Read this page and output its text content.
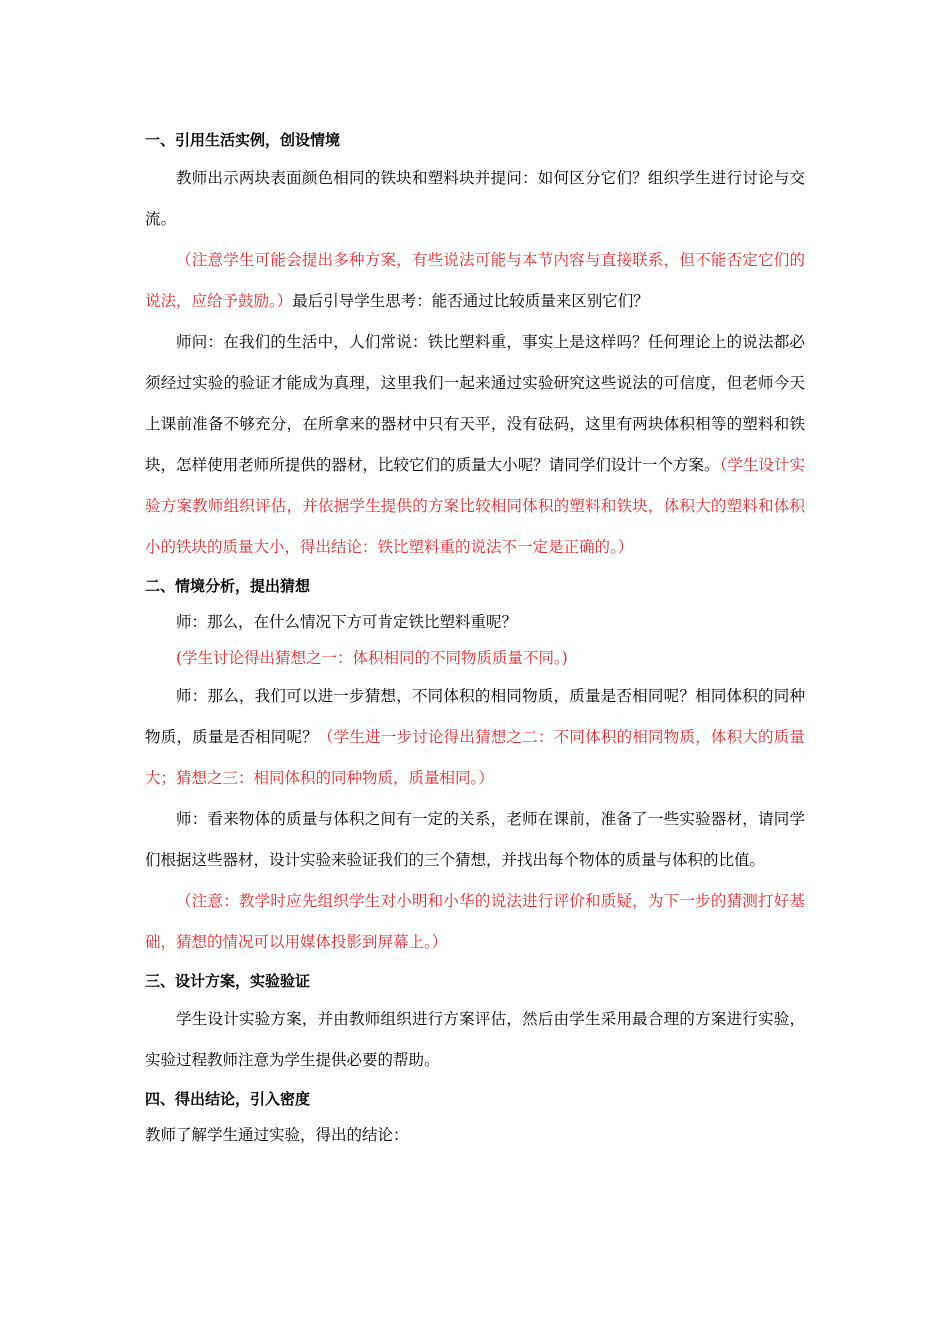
一、引用生活实例，创设情境

教师出示两块表面颜色相同的铁块和塑料块并提问：如何区分它们？组织学生进行讨论与交流。

（注意学生可能会提出多种方案，有些说法可能与本节内容与直接联系，但不能否定它们的说法，应给予鼓励。）最后引导学生思考：能否通过比较质量来区别它们？

师问：在我们的生活中，人们常说：铁比塑料重，事实上是这样吗？任何理论上的说法都必须经过实验的验证才能成为真理，这里我们一起来通过实验研究这些说法的可信度，但老师今天上课前准备不够充分，在所拿来的器材中只有天平，没有砝码，这里有两块体积相等的塑料和铁块，怎样使用老师所提供的器材，比较它们的质量大小呢？请同学们设计一个方案。（学生设计实验方案教师组织评估，并依据学生提供的方案比较相同体积的塑料和铁块，体积大的塑料和体积小的铁块的质量大小，得出结论：铁比塑料重的说法不一定是正确的。）

二、情境分析，提出猜想

师：那么，在什么情况下方可肯定铁比塑料重呢？

(学生讨论得出猜想之一：体积相同的不同物质质量不同。)

师：那么，我们可以进一步猜想，不同体积的相同物质，质量是否相同呢？相同体积的同种物质，质量是否相同呢？（学生进一步讨论得出猜想之二：不同体积的相同物质，体积大的质量大；猜想之三：相同体积的同种物质，质量相同。）

师：看来物体的质量与体积之间有一定的关系，老师在课前，准备了一些实验器材，请同学们根据这些器材，设计实验来验证我们的三个猜想，并找出每个物体的质量与体积的比值。

（注意：教学时应先组织学生对小明和小华的说法进行评价和质疑，为下一步的猜测打好基础，猜想的情况可以用媒体投影到屏幕上。）

三、设计方案，实验验证

学生设计实验方案，并由教师组织进行方案评估，然后由学生采用最合理的方案进行实验，实验过程教师注意为学生提供必要的帮助。

四、得出结论，引入密度

教师了解学生通过实验，得出的结论：
